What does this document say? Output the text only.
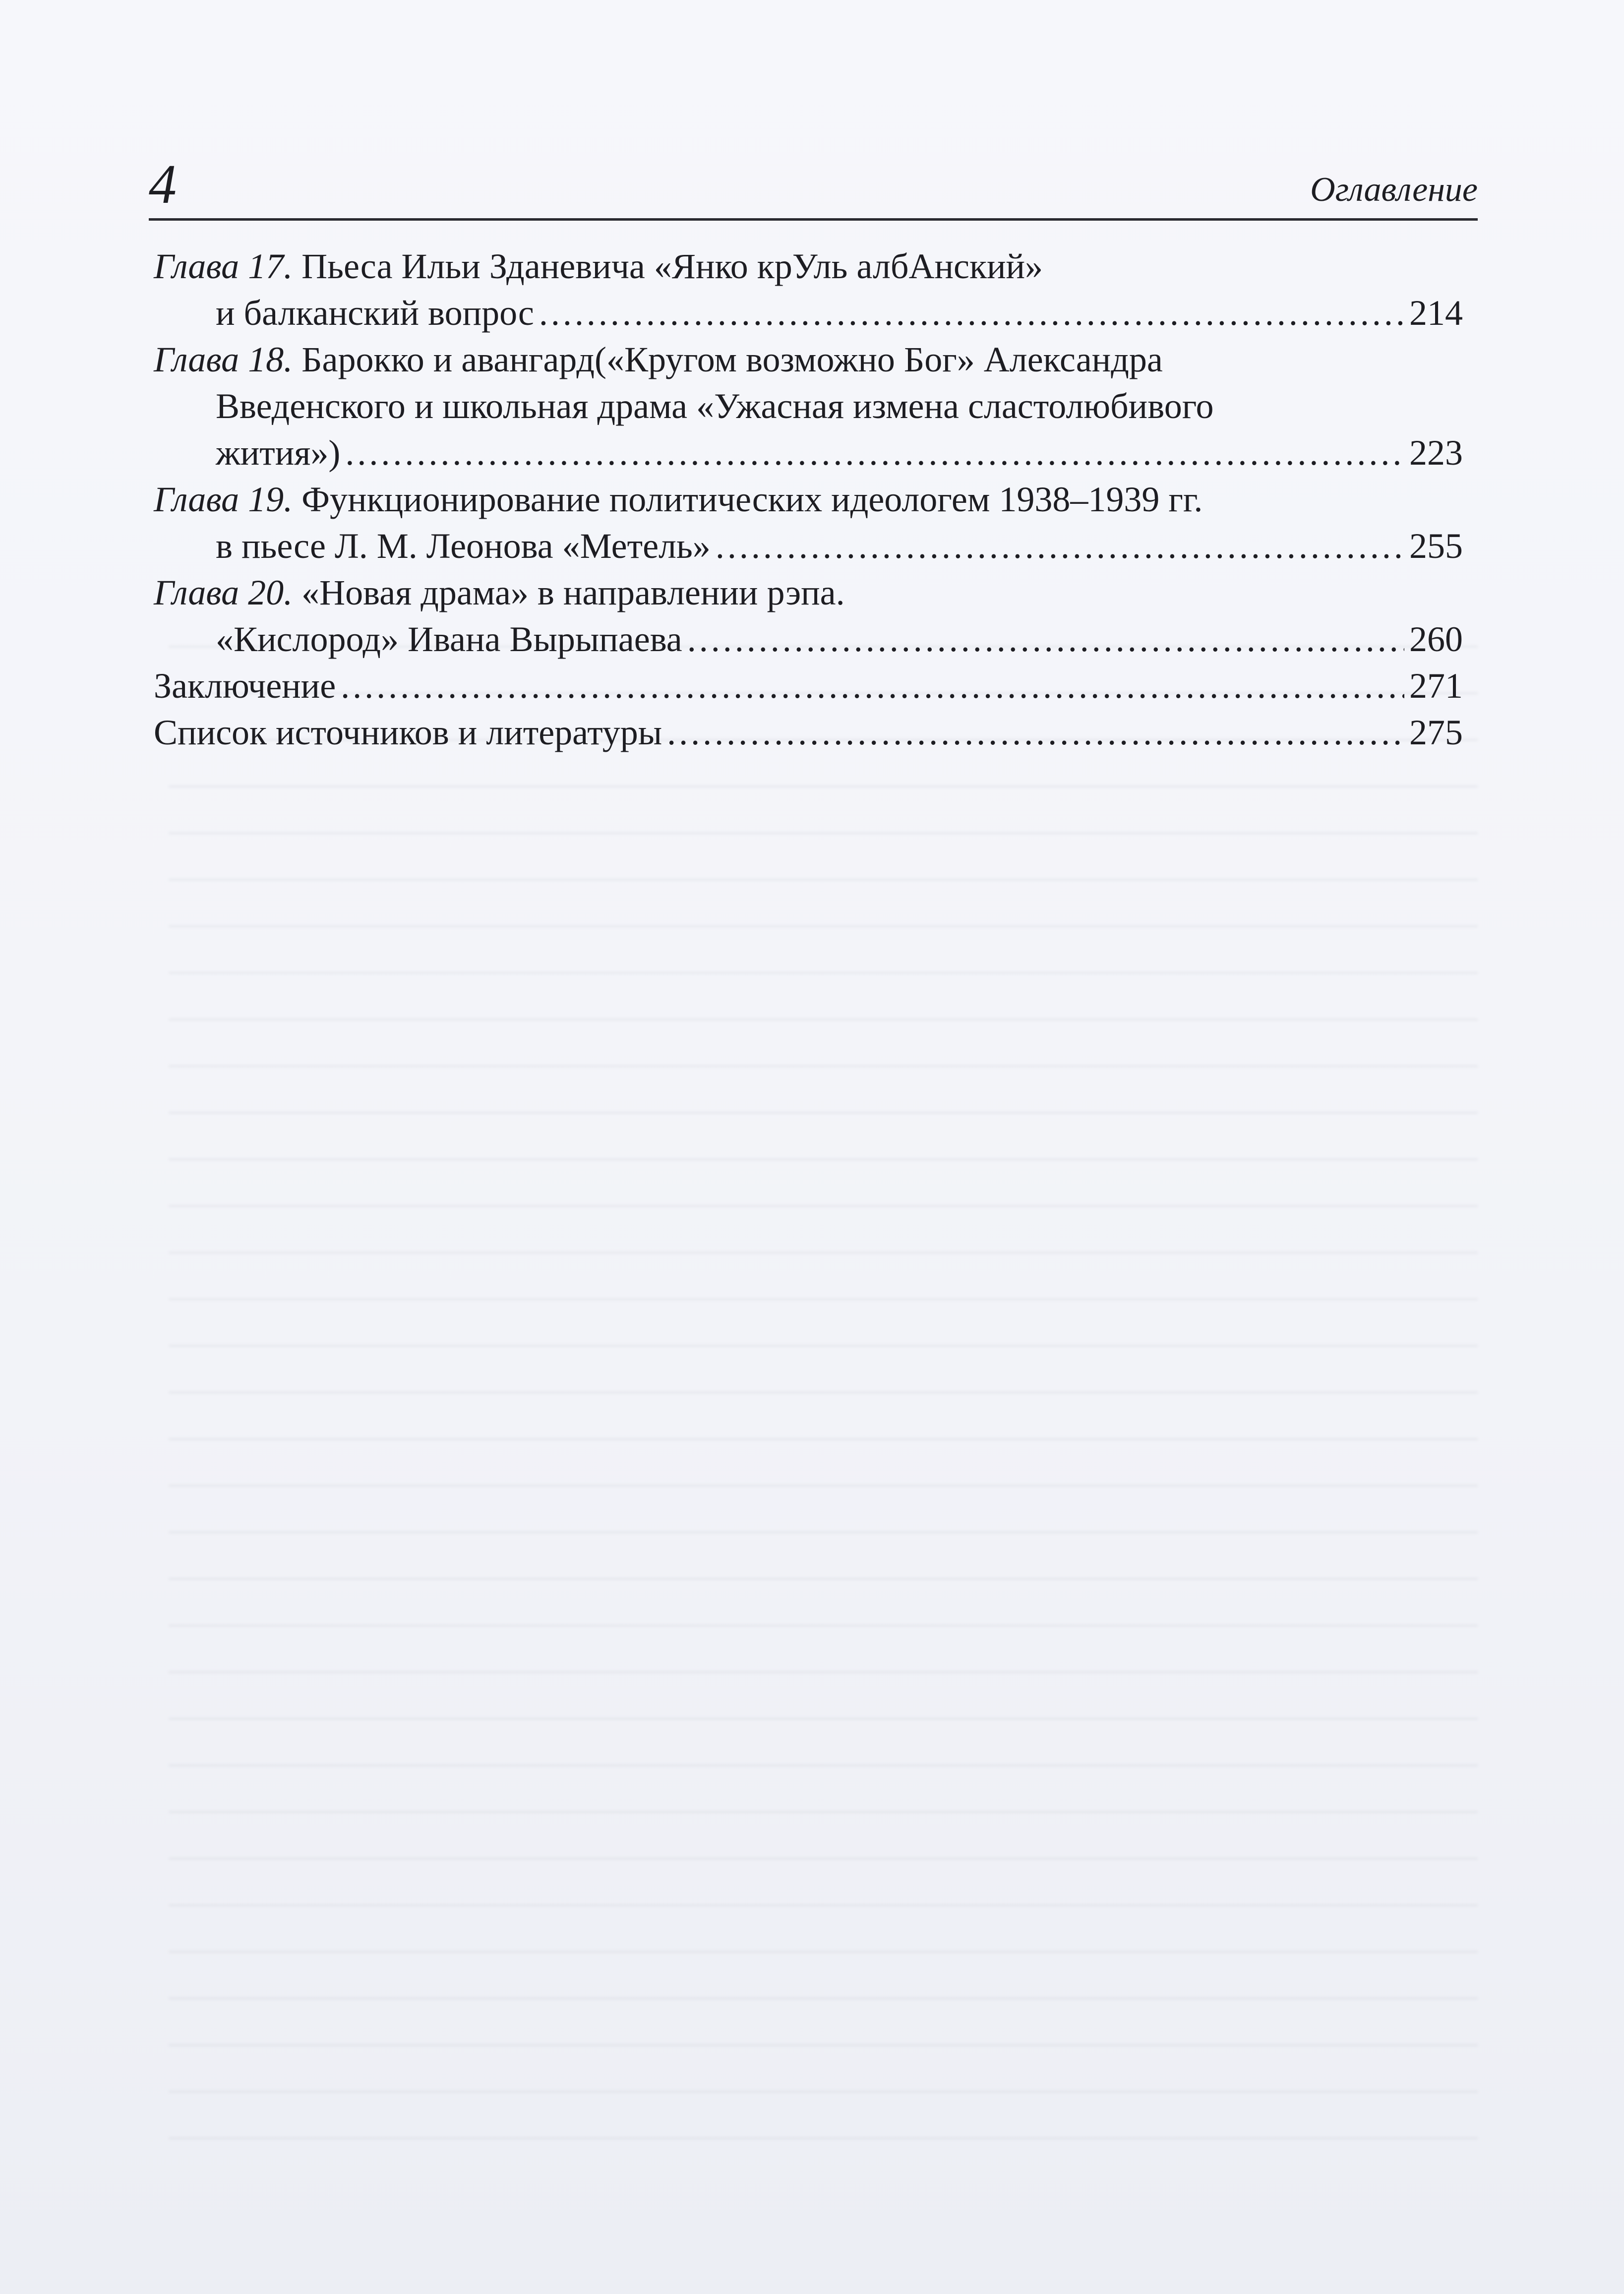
4	Оглавление
Глава 17. Пьеса Ильи Зданевича «Янко крУль албАнский»
и балканский вопрос .....	214
Глава 18. Барокко и авангард(«Кругом возможно Бог» Александра
Введенского и школьная драма «Ужасная измена сластолюбивого
жития») .....	223
Глава 19. Функционирование политических идеологем 1938–1939 гг.
в пьесе Л. М. Леонова «Метель» .....	255
Глава 20. «Новая драма» в направлении рэпа.
«Кислород» Ивана Вырыпаева .....	260
Заключение .....	271
Список источников и литературы .....	275
